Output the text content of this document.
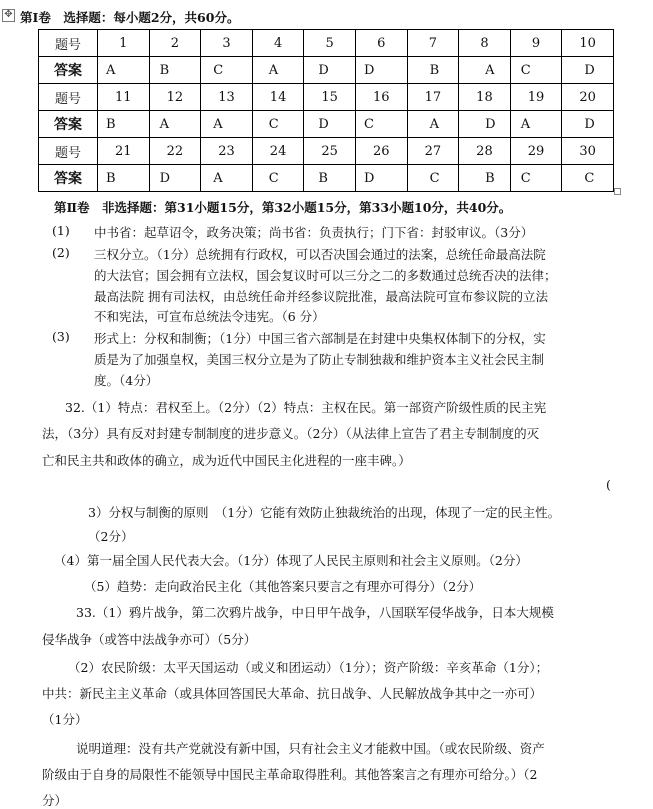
✥ 第Ⅰ卷　选择题：每小题2分，共60分。
题号	1	2	3	4	5	6	7	8	9	10
答案	A	B	C	A	D	D	B	A	C	D
题号	11	12	13	14	15	16	17	18	19	20
答案	B	A	A	C	D	C	A	D	A	D
题号	21	22	23	24	25	26	27	28	29	30
答案	B	D	A	C	B	D	C	B	C	C
第Ⅱ卷　非选择题：第31小题15分，第32小题15分，第33小题10分，共40分。
(1) 中书省：起草诏令，政务决策；尚书省：负责执行；门下省：封驳审议。（3分）
(2) 三权分立。（1分）总统拥有行政权，可以否决国会通过的法案，总统任命最高法院
的大法官；国会拥有立法权，国会复议时可以三分之二的多数通过总统否决的法律；
最高法院 拥有司法权，由总统任命并经参议院批准，最高法院可宣布参议院的立法
不和宪法，可宣布总统法令违宪。（6 分）
(3) 形式上：分权和制衡；（1分）中国三省六部制是在封建中央集权体制下的分权，实
质是为了加强皇权，美国三权分立是为了防止专制独裁和维护资本主义社会民主制
度。（4分）
32.（1）特点：君权至上。（2分）（2）特点：主权在民。第一部资产阶级性质的民主宪
法，（3分）具有反对封建专制制度的进步意义。（2分）（从法律上宣告了君主专制制度的灭
亡和民主共和政体的确立，成为近代中国民主化进程的一座丰碑。）
(
3）分权与制衡的原则　（1分）它能有效防止独裁统治的出现，体现了一定的民主性。
（2分）
（4）第一届全国人民代表大会。（1分）体现了人民民主原则和社会主义原则。（2分）
（5）趋势：走向政治民主化（其他答案只要言之有理亦可得分）（2分）
33.（1）鸦片战争，第二次鸦片战争，中日甲午战争，八国联军侵华战争，日本大规模
侵华战争（或答中法战争亦可）（5分）
（2）农民阶级：太平天国运动（或义和团运动）（1分）；资产阶级：辛亥革命（1分）；
中共：新民主主义革命（或具体回答国民大革命、抗日战争、人民解放战争其中之一亦可）
（1分）
说明道理：没有共产党就没有新中国，只有社会主义才能救中国。（或农民阶级、资产
阶级由于自身的局限性不能领导中国民主革命取得胜利。其他答案言之有理亦可给分。）（2
分）
